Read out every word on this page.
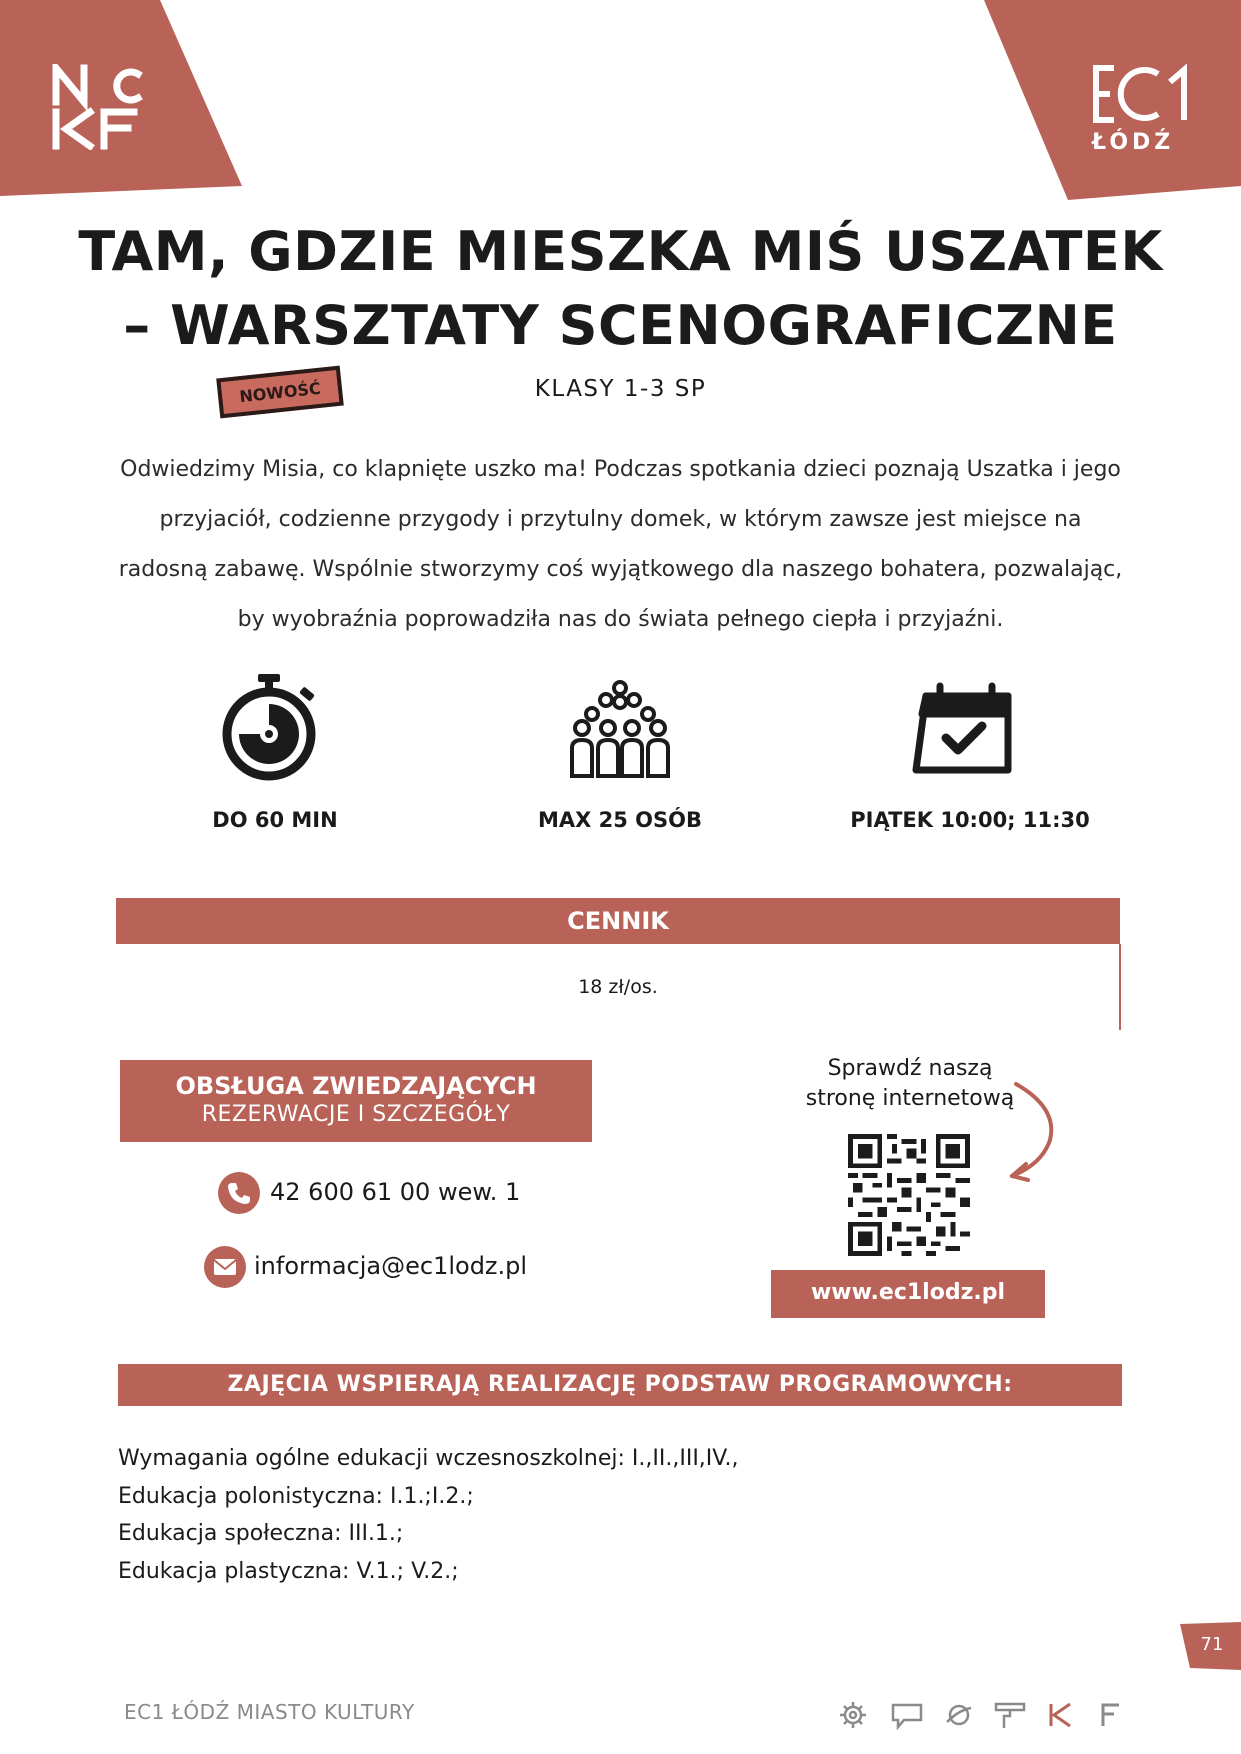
ŁÓDŹ
TAM, GDZIE MIESZKA MIŚ USZATEK
– WARSZTATY SCENOGRAFICZNE
NOWOŚĆ	KLASY 1-3 SP
Odwiedzimy Misia, co klapnięte uszko ma! Podczas spotkania dzieci poznają Uszatka i jego przyjaciół, codzienne przygody i przytulny domek, w którym zawsze jest miejsce na radosną zabawę. Wspólnie stworzymy coś wyjątkowego dla naszego bohatera, pozwalając, by wyobraźnia poprowadziła nas do świata pełnego ciepła i przyjaźni.
DO 60 MIN	MAX 25 OSÓB	PIĄTEK 10:00; 11:30
CENNIK
18 zł/os.
OBSŁUGA ZWIEDZAJĄCYCH
REZERWACJE I SZCZEGÓŁY
42 600 61 00 wew. 1
informacja@ec1lodz.pl
Sprawdź naszą
stronę internetową
www.ec1lodz.pl
ZAJĘCIA WSPIERAJĄ REALIZACJĘ PODSTAW PROGRAMOWYCH:
Wymagania ogólne edukacji wczesnoszkolnej: I.,II.,III,IV.,
Edukacja polonistyczna: I.1.;I.2.;
Edukacja społeczna: III.1.;
Edukacja plastyczna: V.1.; V.2.;
71
EC1 ŁÓDŹ MIASTO KULTURY
